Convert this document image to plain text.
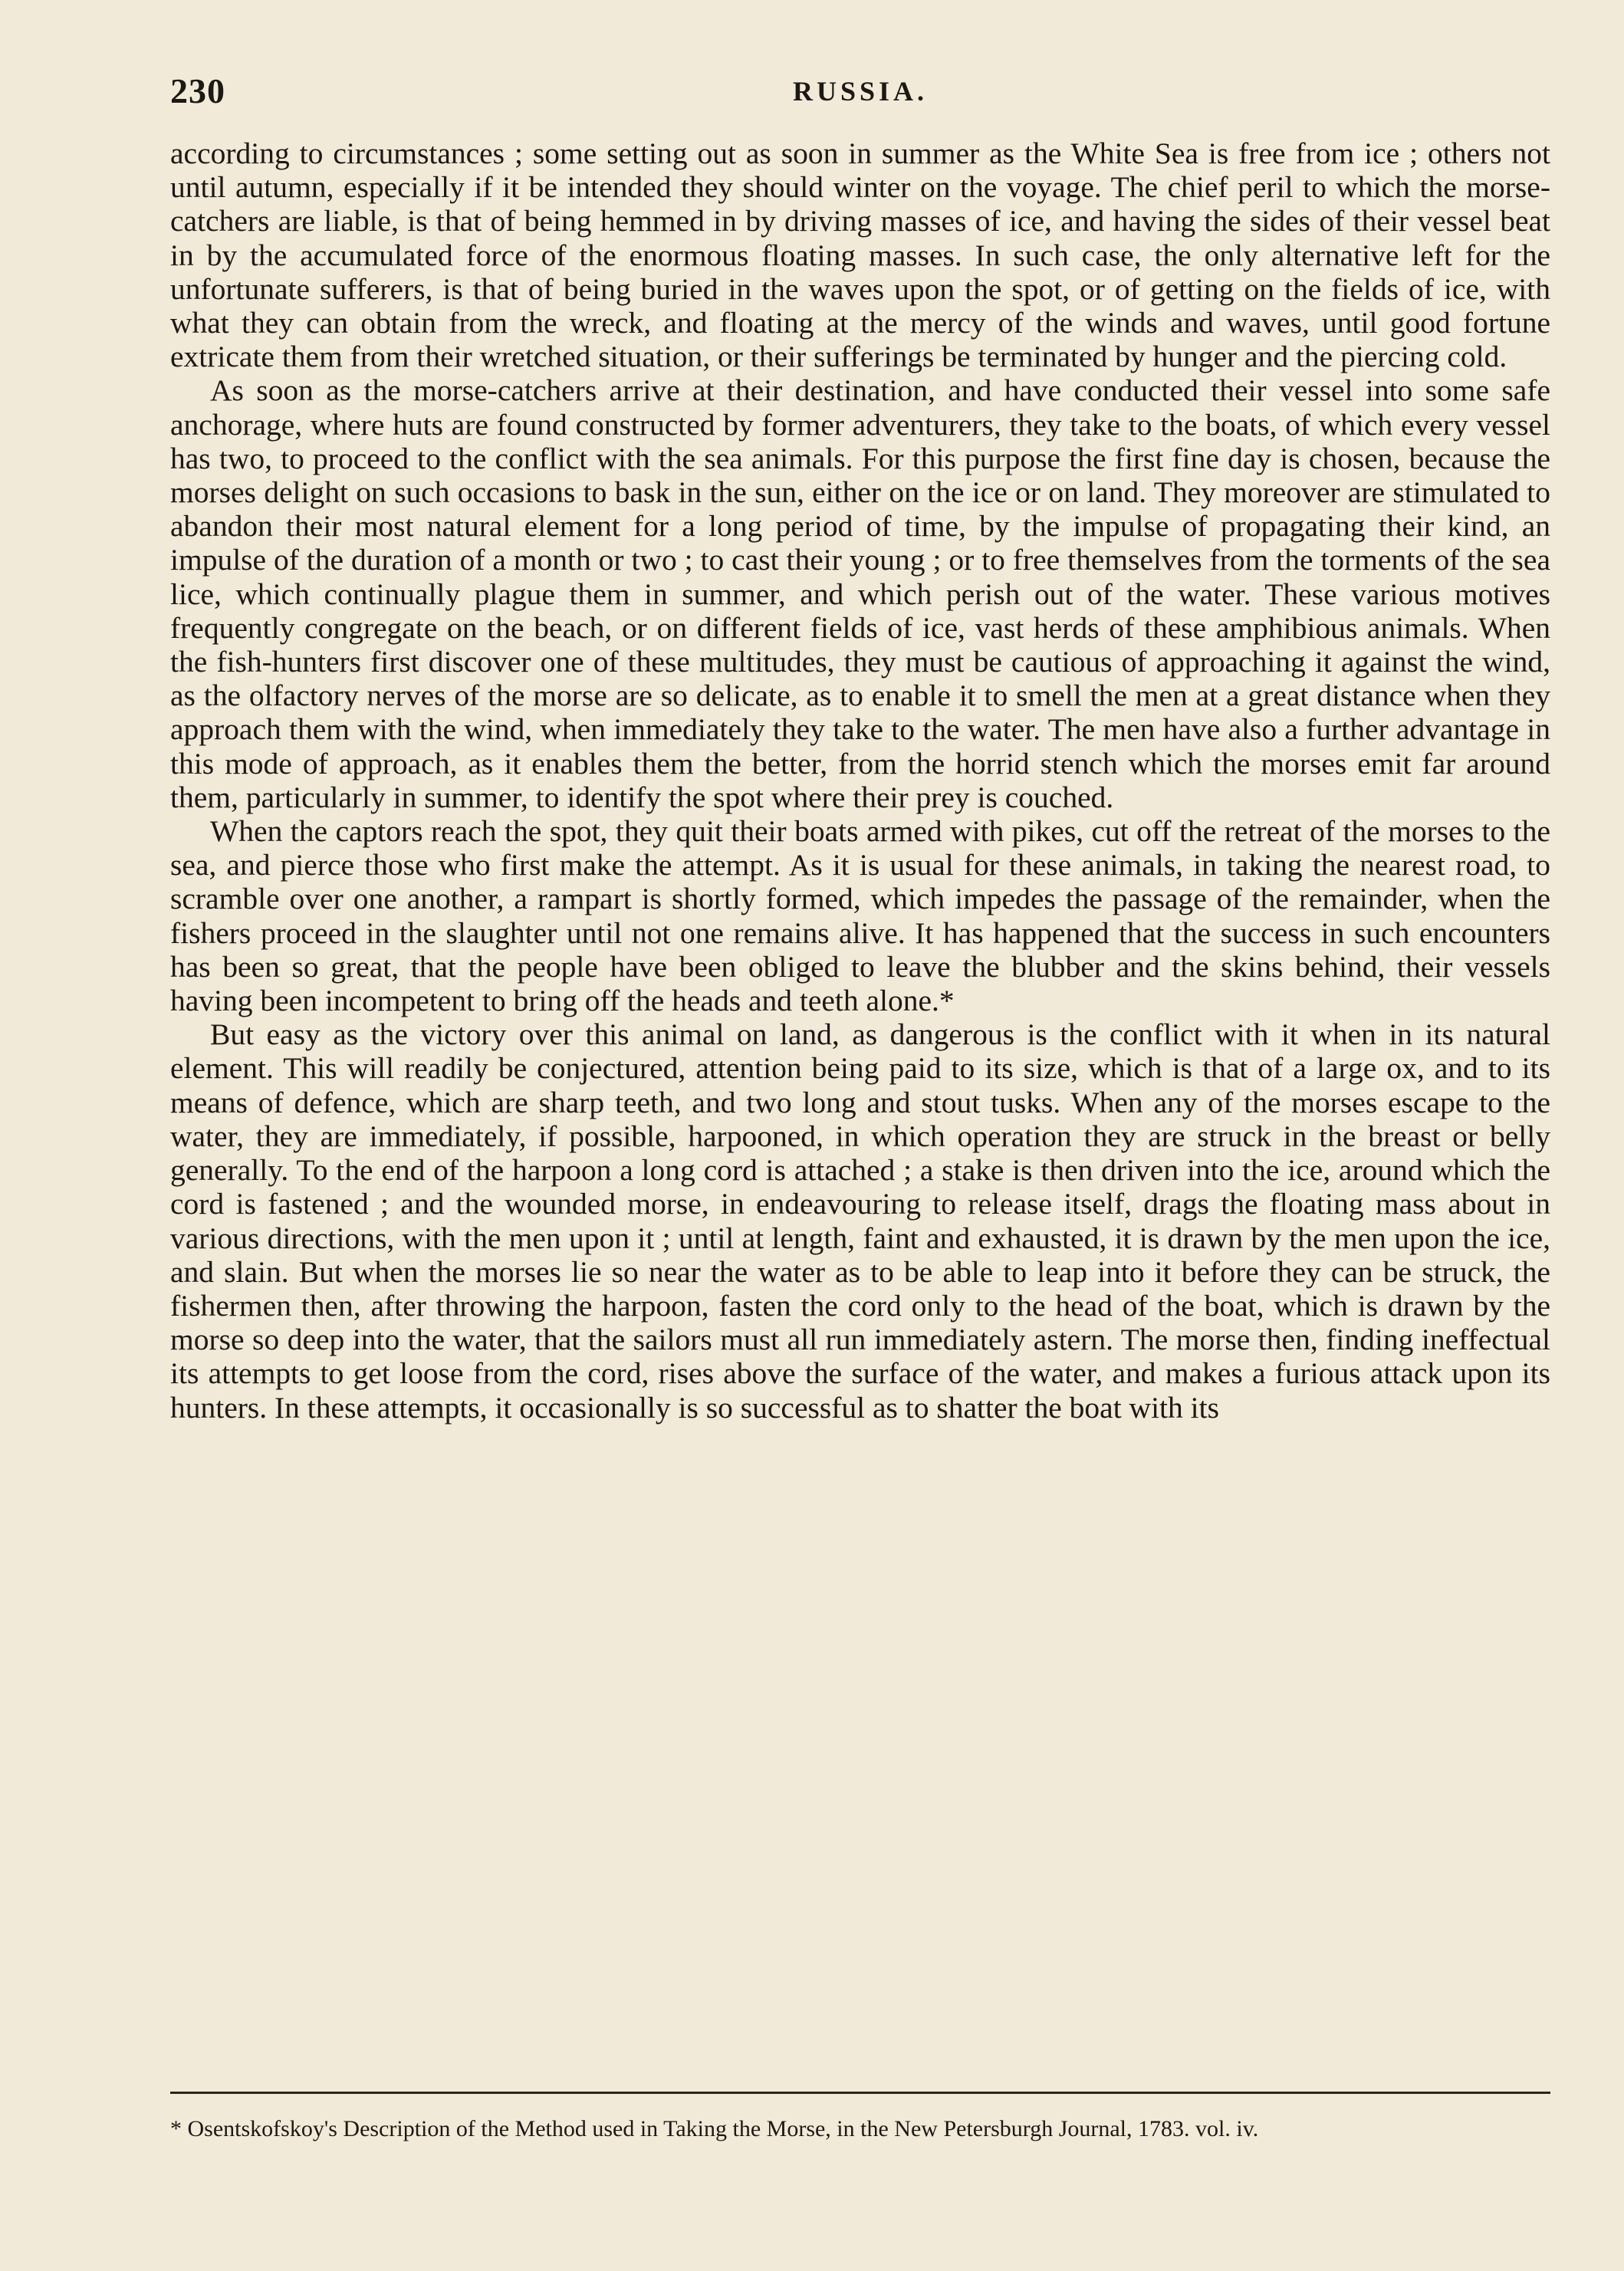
230	RUSSIA.

according to circumstances ; some setting out as soon in summer as the White Sea is free from ice ; others not until autumn, especially if it be intended they should winter on the voyage. The chief peril to which the morse-catchers are liable, is that of being hemmed in by driving masses of ice, and having the sides of their vessel beat in by the accumulated force of the enormous floating masses. In such case, the only alternative left for the unfortunate sufferers, is that of being buried in the waves upon the spot, or of getting on the fields of ice, with what they can obtain from the wreck, and floating at the mercy of the winds and waves, until good fortune extricate them from their wretched situation, or their sufferings be terminated by hunger and the piercing cold.

As soon as the morse-catchers arrive at their destination, and have conducted their vessel into some safe anchorage, where huts are found constructed by former adventurers, they take to the boats, of which every vessel has two, to proceed to the conflict with the sea animals. For this purpose the first fine day is chosen, because the morses delight on such occasions to bask in the sun, either on the ice or on land. They moreover are stimulated to abandon their most natural element for a long period of time, by the impulse of propagating their kind, an impulse of the duration of a month or two ; to cast their young ; or to free themselves from the torments of the sea lice, which continually plague them in summer, and which perish out of the water. These various motives frequently congregate on the beach, or on different fields of ice, vast herds of these amphibious animals. When the fish-hunters first discover one of these multitudes, they must be cautious of approaching it against the wind, as the olfactory nerves of the morse are so delicate, as to enable it to smell the men at a great distance when they approach them with the wind, when immediately they take to the water. The men have also a further advantage in this mode of approach, as it enables them the better, from the horrid stench which the morses emit far around them, particularly in summer, to identify the spot where their prey is couched.

When the captors reach the spot, they quit their boats armed with pikes, cut off the retreat of the morses to the sea, and pierce those who first make the attempt. As it is usual for these animals, in taking the nearest road, to scramble over one another, a rampart is shortly formed, which impedes the passage of the remainder, when the fishers proceed in the slaughter until not one remains alive. It has happened that the success in such encounters has been so great, that the people have been obliged to leave the blubber and the skins behind, their vessels having been incompetent to bring off the heads and teeth alone.*

But easy as the victory over this animal on land, as dangerous is the conflict with it when in its natural element. This will readily be conjectured, attention being paid to its size, which is that of a large ox, and to its means of defence, which are sharp teeth, and two long and stout tusks. When any of the morses escape to the water, they are immediately, if possible, harpooned, in which operation they are struck in the breast or belly generally. To the end of the harpoon a long cord is attached ; a stake is then driven into the ice, around which the cord is fastened ; and the wounded morse, in endeavouring to release itself, drags the floating mass about in various directions, with the men upon it ; until at length, faint and exhausted, it is drawn by the men upon the ice, and slain. But when the morses lie so near the water as to be able to leap into it before they can be struck, the fishermen then, after throwing the harpoon, fasten the cord only to the head of the boat, which is drawn by the morse so deep into the water, that the sailors must all run immediately astern. The morse then, finding ineffectual its attempts to get loose from the cord, rises above the surface of the water, and makes a furious attack upon its hunters. In these attempts, it occasionally is so successful as to shatter the boat with its

* Osentskofskoy's Description of the Method used in Taking the Morse, in the New Petersburgh Journal, 1783. vol. iv.
